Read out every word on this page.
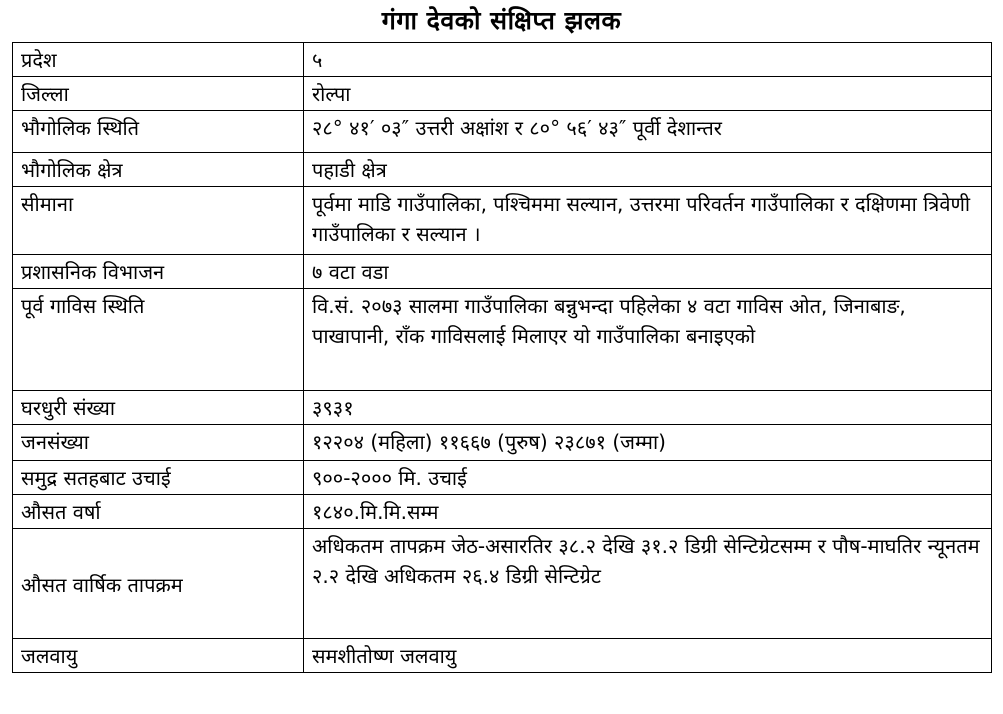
गंगा देवको संक्षिप्त झलक
प्रदेश	५
जिल्ला	रोल्पा
भौगोलिक स्थिति	२८° ४१′ ०३″ उत्तरी अक्षांश र ८०° ५६′ ४३″ पूर्वी देशान्तर
भौगोलिक क्षेत्र	पहाडी क्षेत्र
सीमाना	पूर्वमा माडि गाउँपालिका, पश्चिममा सल्यान, उत्तरमा परिवर्तन गाउँपालिका र दक्षिणमा त्रिवेणी गाउँपालिका र सल्यान ।
प्रशासनिक विभाजन	७ वटा वडा
पूर्व गाविस स्थिति	वि.सं. २०७३ सालमा गाउँपालिका बन्नुभन्दा पहिलेका ४ वटा गाविस ओत, जिनाबाङ, पाखापानी, राँक गाविसलाई मिलाएर यो गाउँपालिका बनाइएको
घरधुरी संख्या	३९३१
जनसंख्या	१२२०४ (महिला) ११६६७ (पुरुष) २३८७१ (जम्मा)
समुद्र सतहबाट उचाई	९००-२००० मि. उचाई
औसत वर्षा	१८४०.मि.मि.सम्म
औसत वार्षिक तापक्रम	अधिकतम तापक्रम जेठ-असारतिर ३८.२ देखि ३१.२ डिग्री सेन्टिग्रेटसम्म र पौष-माघतिर न्यूनतम २.२ देखि अधिकतम २६.४ डिग्री सेन्टिग्रेट
जलवायु	समशीतोष्ण जलवायु
